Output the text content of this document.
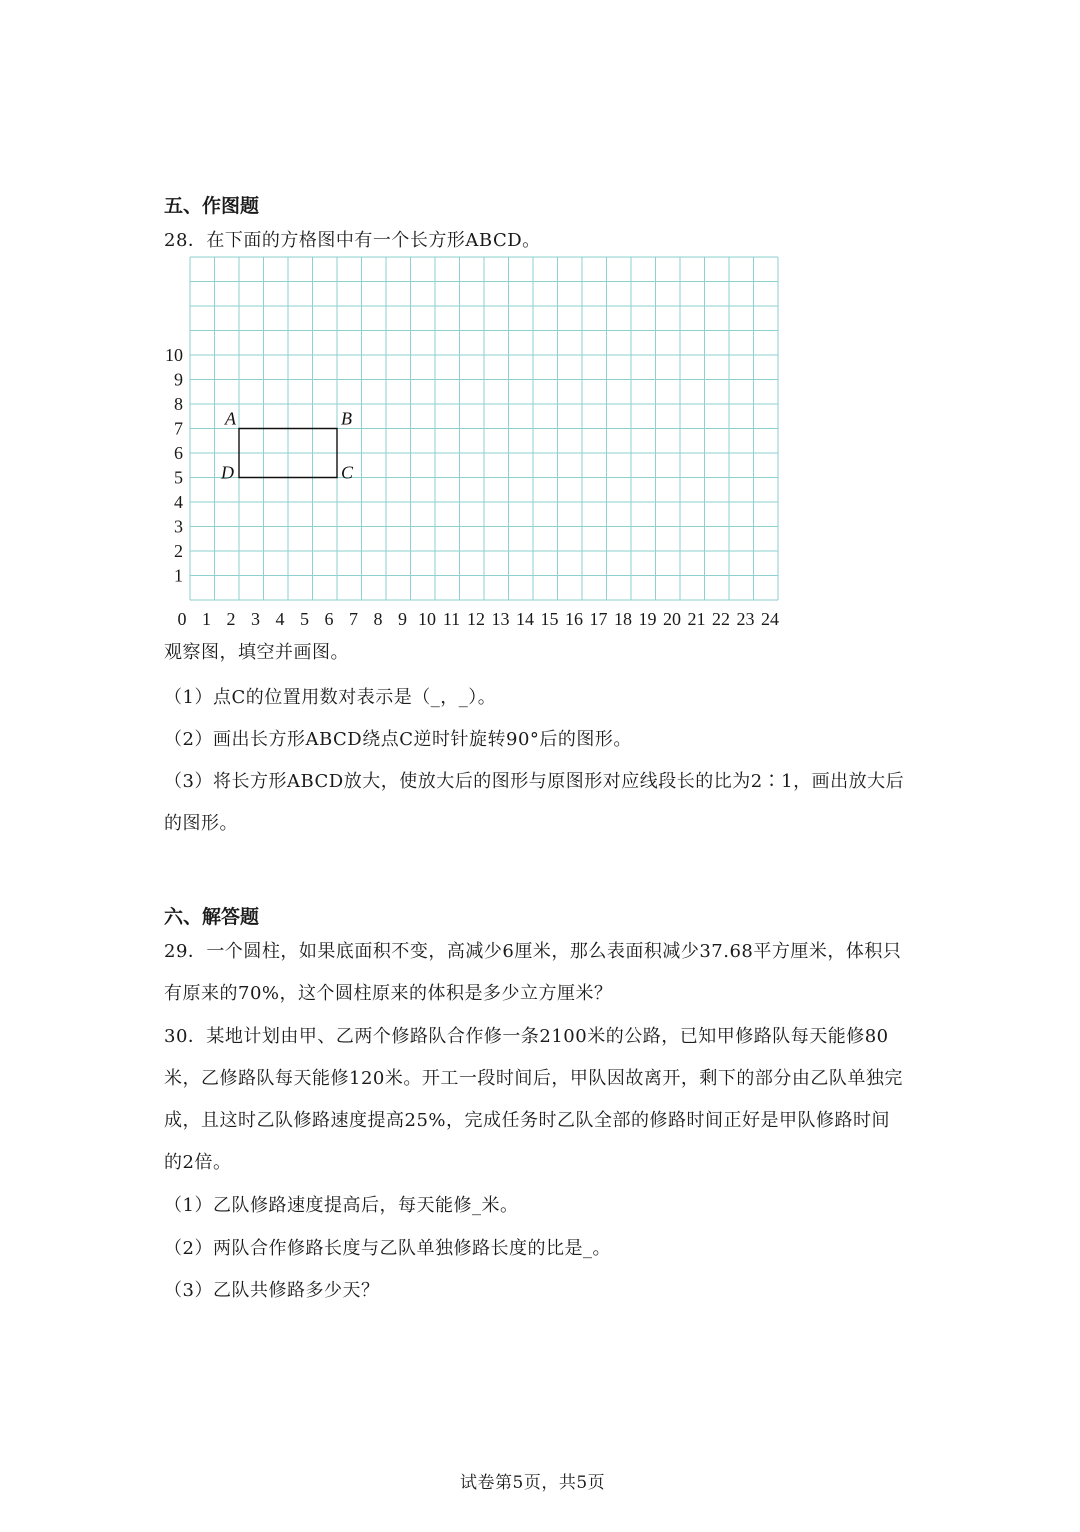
五、作图题
28．在下面的方格图中有一个长方形ABCD。
0 1 2 3 4 5 6 7 8 9 10 11 12 13 14 15 16 17 18 19 20 21 22 23 24
1
2
3
4
5
6
7
8
9
10
A	B
C
D
观察图，填空并画图。
（1）点C的位置用数对表示是（_，_）。
（2）画出长方形ABCD绕点C逆时针旋转90°后的图形。
（3）将长方形ABCD放大，使放大后的图形与原图形对应线段长的比为2∶1，画出放大后
的图形。
六、解答题
29．一个圆柱，如果底面积不变，高减少6厘米，那么表面积减少37.68平方厘米，体积只
有原来的70%，这个圆柱原来的体积是多少立方厘米？
30．某地计划由甲、乙两个修路队合作修一条2100米的公路，已知甲修路队每天能修80
米，乙修路队每天能修120米。开工一段时间后，甲队因故离开，剩下的部分由乙队单独完
成，且这时乙队修路速度提高25%，完成任务时乙队全部的修路时间正好是甲队修路时间
的2倍。
（1）乙队修路速度提高后，每天能修_米。
（2）两队合作修路长度与乙队单独修路长度的比是_。
（3）乙队共修路多少天？
试卷第5页，共5页
